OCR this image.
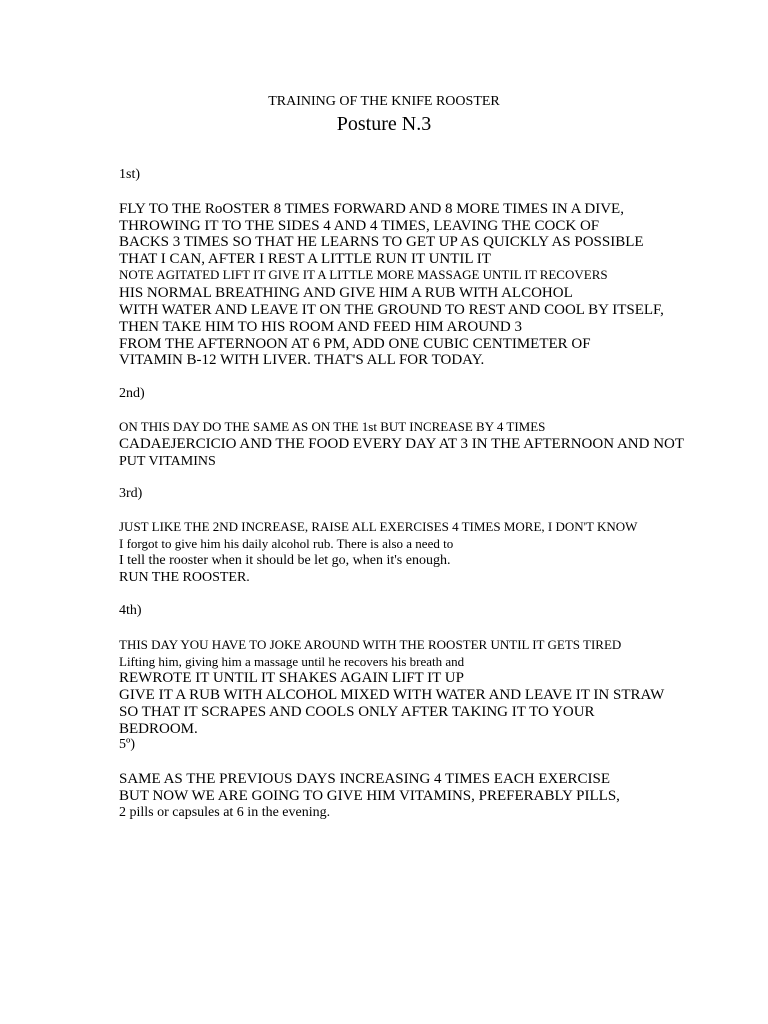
TRAINING OF THE KNIFE ROOSTER
Posture N.3
1st)
FLY TO THE RoOSTER 8 TIMES FORWARD AND 8 MORE TIMES IN A DIVE,
THROWING IT TO THE SIDES 4 AND 4 TIMES, LEAVING THE COCK OF
BACKS 3 TIMES SO THAT HE LEARNS TO GET UP AS QUICKLY AS POSSIBLE
THAT I CAN, AFTER I REST A LITTLE RUN IT UNTIL IT
NOTE AGITATED LIFT IT GIVE IT A LITTLE MORE MASSAGE UNTIL IT RECOVERS
HIS NORMAL BREATHING AND GIVE HIM A RUB WITH ALCOHOL
WITH WATER AND LEAVE IT ON THE GROUND TO REST AND COOL BY ITSELF,
THEN TAKE HIM TO HIS ROOM AND FEED HIM AROUND 3
FROM THE AFTERNOON AT 6 PM, ADD ONE CUBIC CENTIMETER OF
VITAMIN B-12 WITH LIVER. THAT'S ALL FOR TODAY.
2nd)
ON THIS DAY DO THE SAME AS ON THE 1st BUT INCREASE BY 4 TIMES
CADAEJERCICIO AND THE FOOD EVERY DAY AT 3 IN THE AFTERNOON AND NOT
PUT VITAMINS
3rd)
JUST LIKE THE 2ND INCREASE, RAISE ALL EXERCISES 4 TIMES MORE, I DON'T KNOW
I forgot to give him his daily alcohol rub. There is also a need to
I tell the rooster when it should be let go, when it's enough.
RUN THE ROOSTER.
4th)
THIS DAY YOU HAVE TO JOKE AROUND WITH THE ROOSTER UNTIL IT GETS TIRED
Lifting him, giving him a massage until he recovers his breath and
REWROTE IT UNTIL IT SHAKES AGAIN LIFT IT UP
GIVE IT A RUB WITH ALCOHOL MIXED WITH WATER AND LEAVE IT IN STRAW
SO THAT IT SCRAPES AND COOLS ONLY AFTER TAKING IT TO YOUR
BEDROOM.
5º)
SAME AS THE PREVIOUS DAYS INCREASING 4 TIMES EACH EXERCISE
BUT NOW WE ARE GOING TO GIVE HIM VITAMINS, PREFERABLY PILLS,
2 pills or capsules at 6 in the evening.
